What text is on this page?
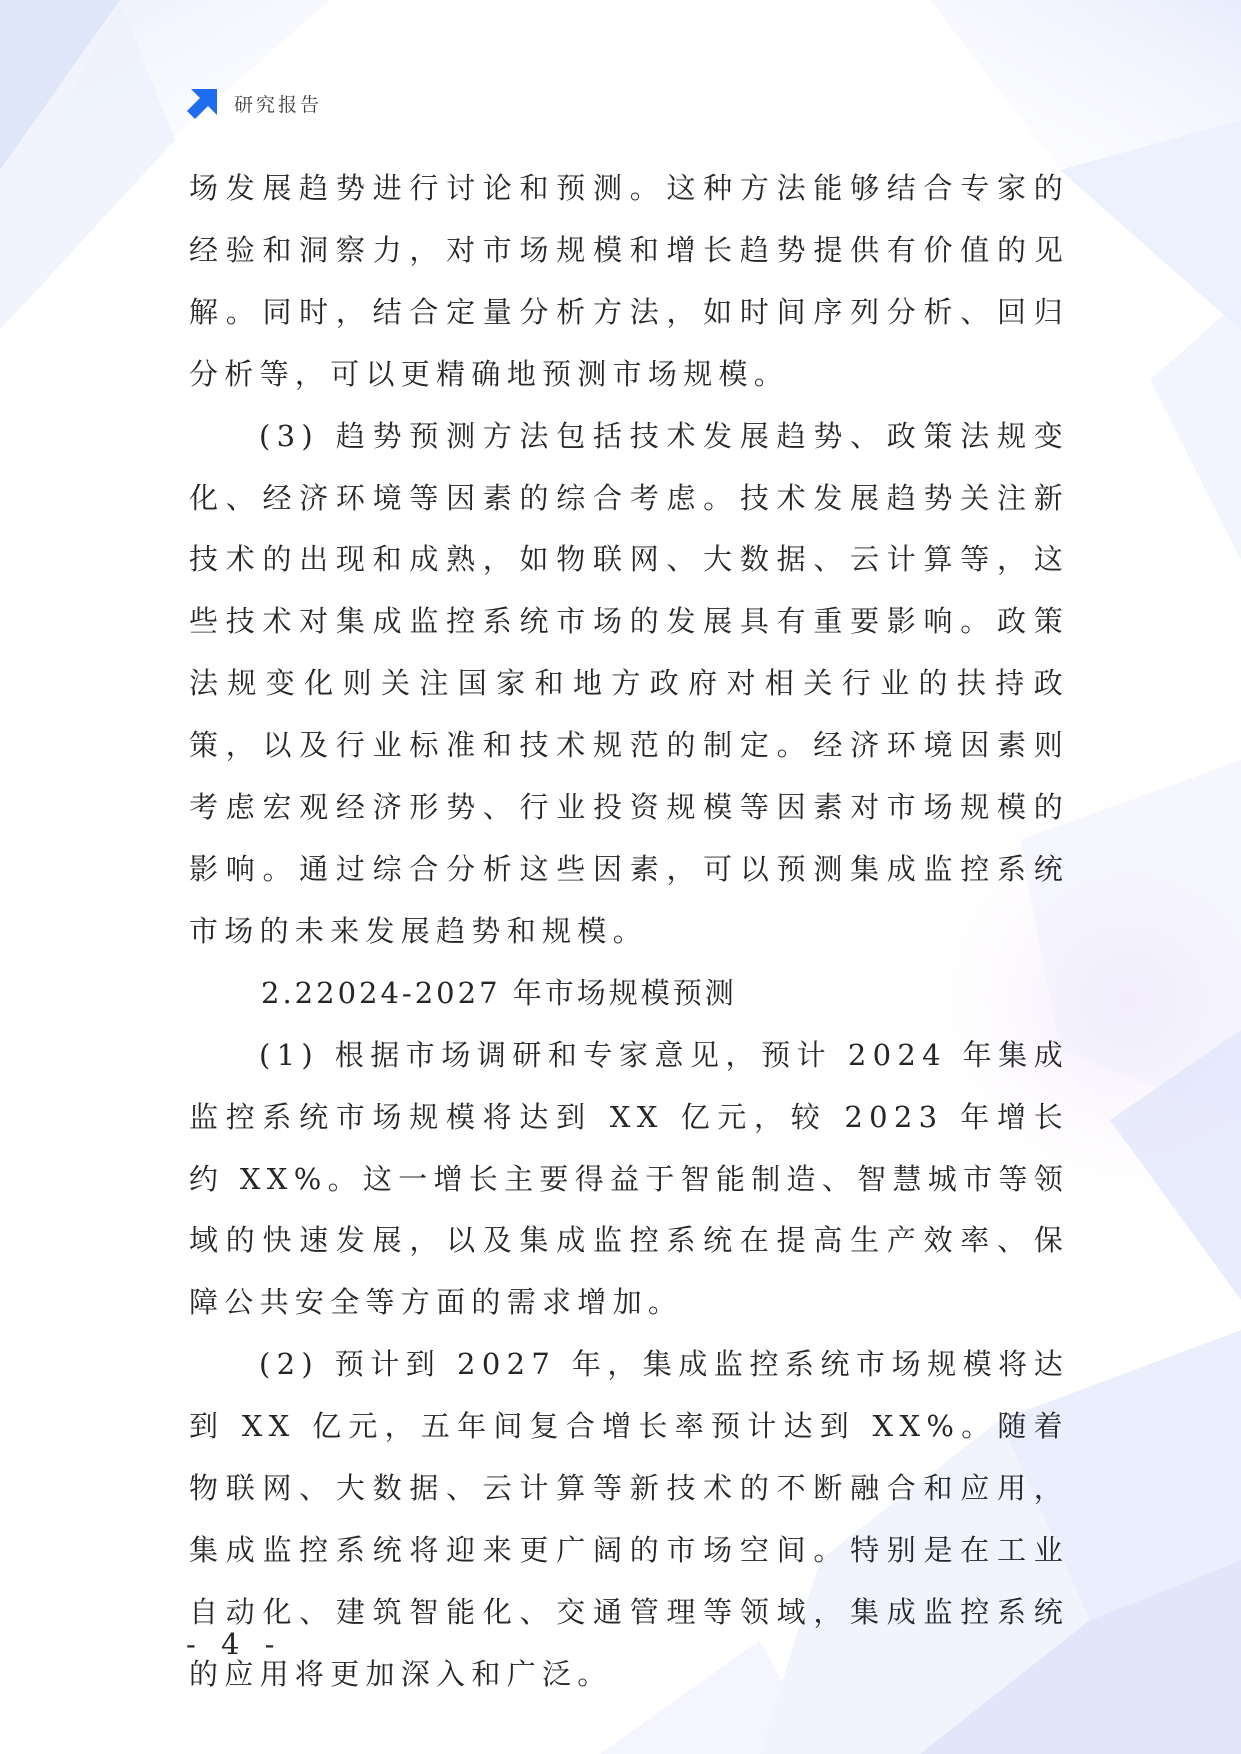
研究报告

场发展趋势进行讨论和预测。这种方法能够结合专家的经验和洞察力，对市场规模和增长趋势提供有价值的见解。同时，结合定量分析方法，如时间序列分析、回归分析等，可以更精确地预测市场规模。

(3) 趋势预测方法包括技术发展趋势、政策法规变化、经济环境等因素的综合考虑。技术发展趋势关注新技术的出现和成熟，如物联网、大数据、云计算等，这些技术对集成监控系统市场的发展具有重要影响。政策法规变化则关注国家和地方政府对相关行业的扶持政策，以及行业标准和技术规范的制定。经济环境因素则考虑宏观经济形势、行业投资规模等因素对市场规模的影响。通过综合分析这些因素，可以预测集成监控系统市场的未来发展趋势和规模。

2.22024-2027 年市场规模预测

(1) 根据市场调研和专家意见，预计 2024 年集成监控系统市场规模将达到 XX 亿元，较 2023 年增长约 XX%。这一增长主要得益于智能制造、智慧城市等领域的快速发展，以及集成监控系统在提高生产效率、保障公共安全等方面的需求增加。

(2) 预计到 2027 年，集成监控系统市场规模将达到 XX 亿元，五年间复合增长率预计达到 XX%。随着物联网、大数据、云计算等新技术的不断融合和应用，集成监控系统将迎来更广阔的市场空间。特别是在工业自动化、建筑智能化、交通管理等领域，集成监控系统的应用将更加深入和广泛。

- 4 -
